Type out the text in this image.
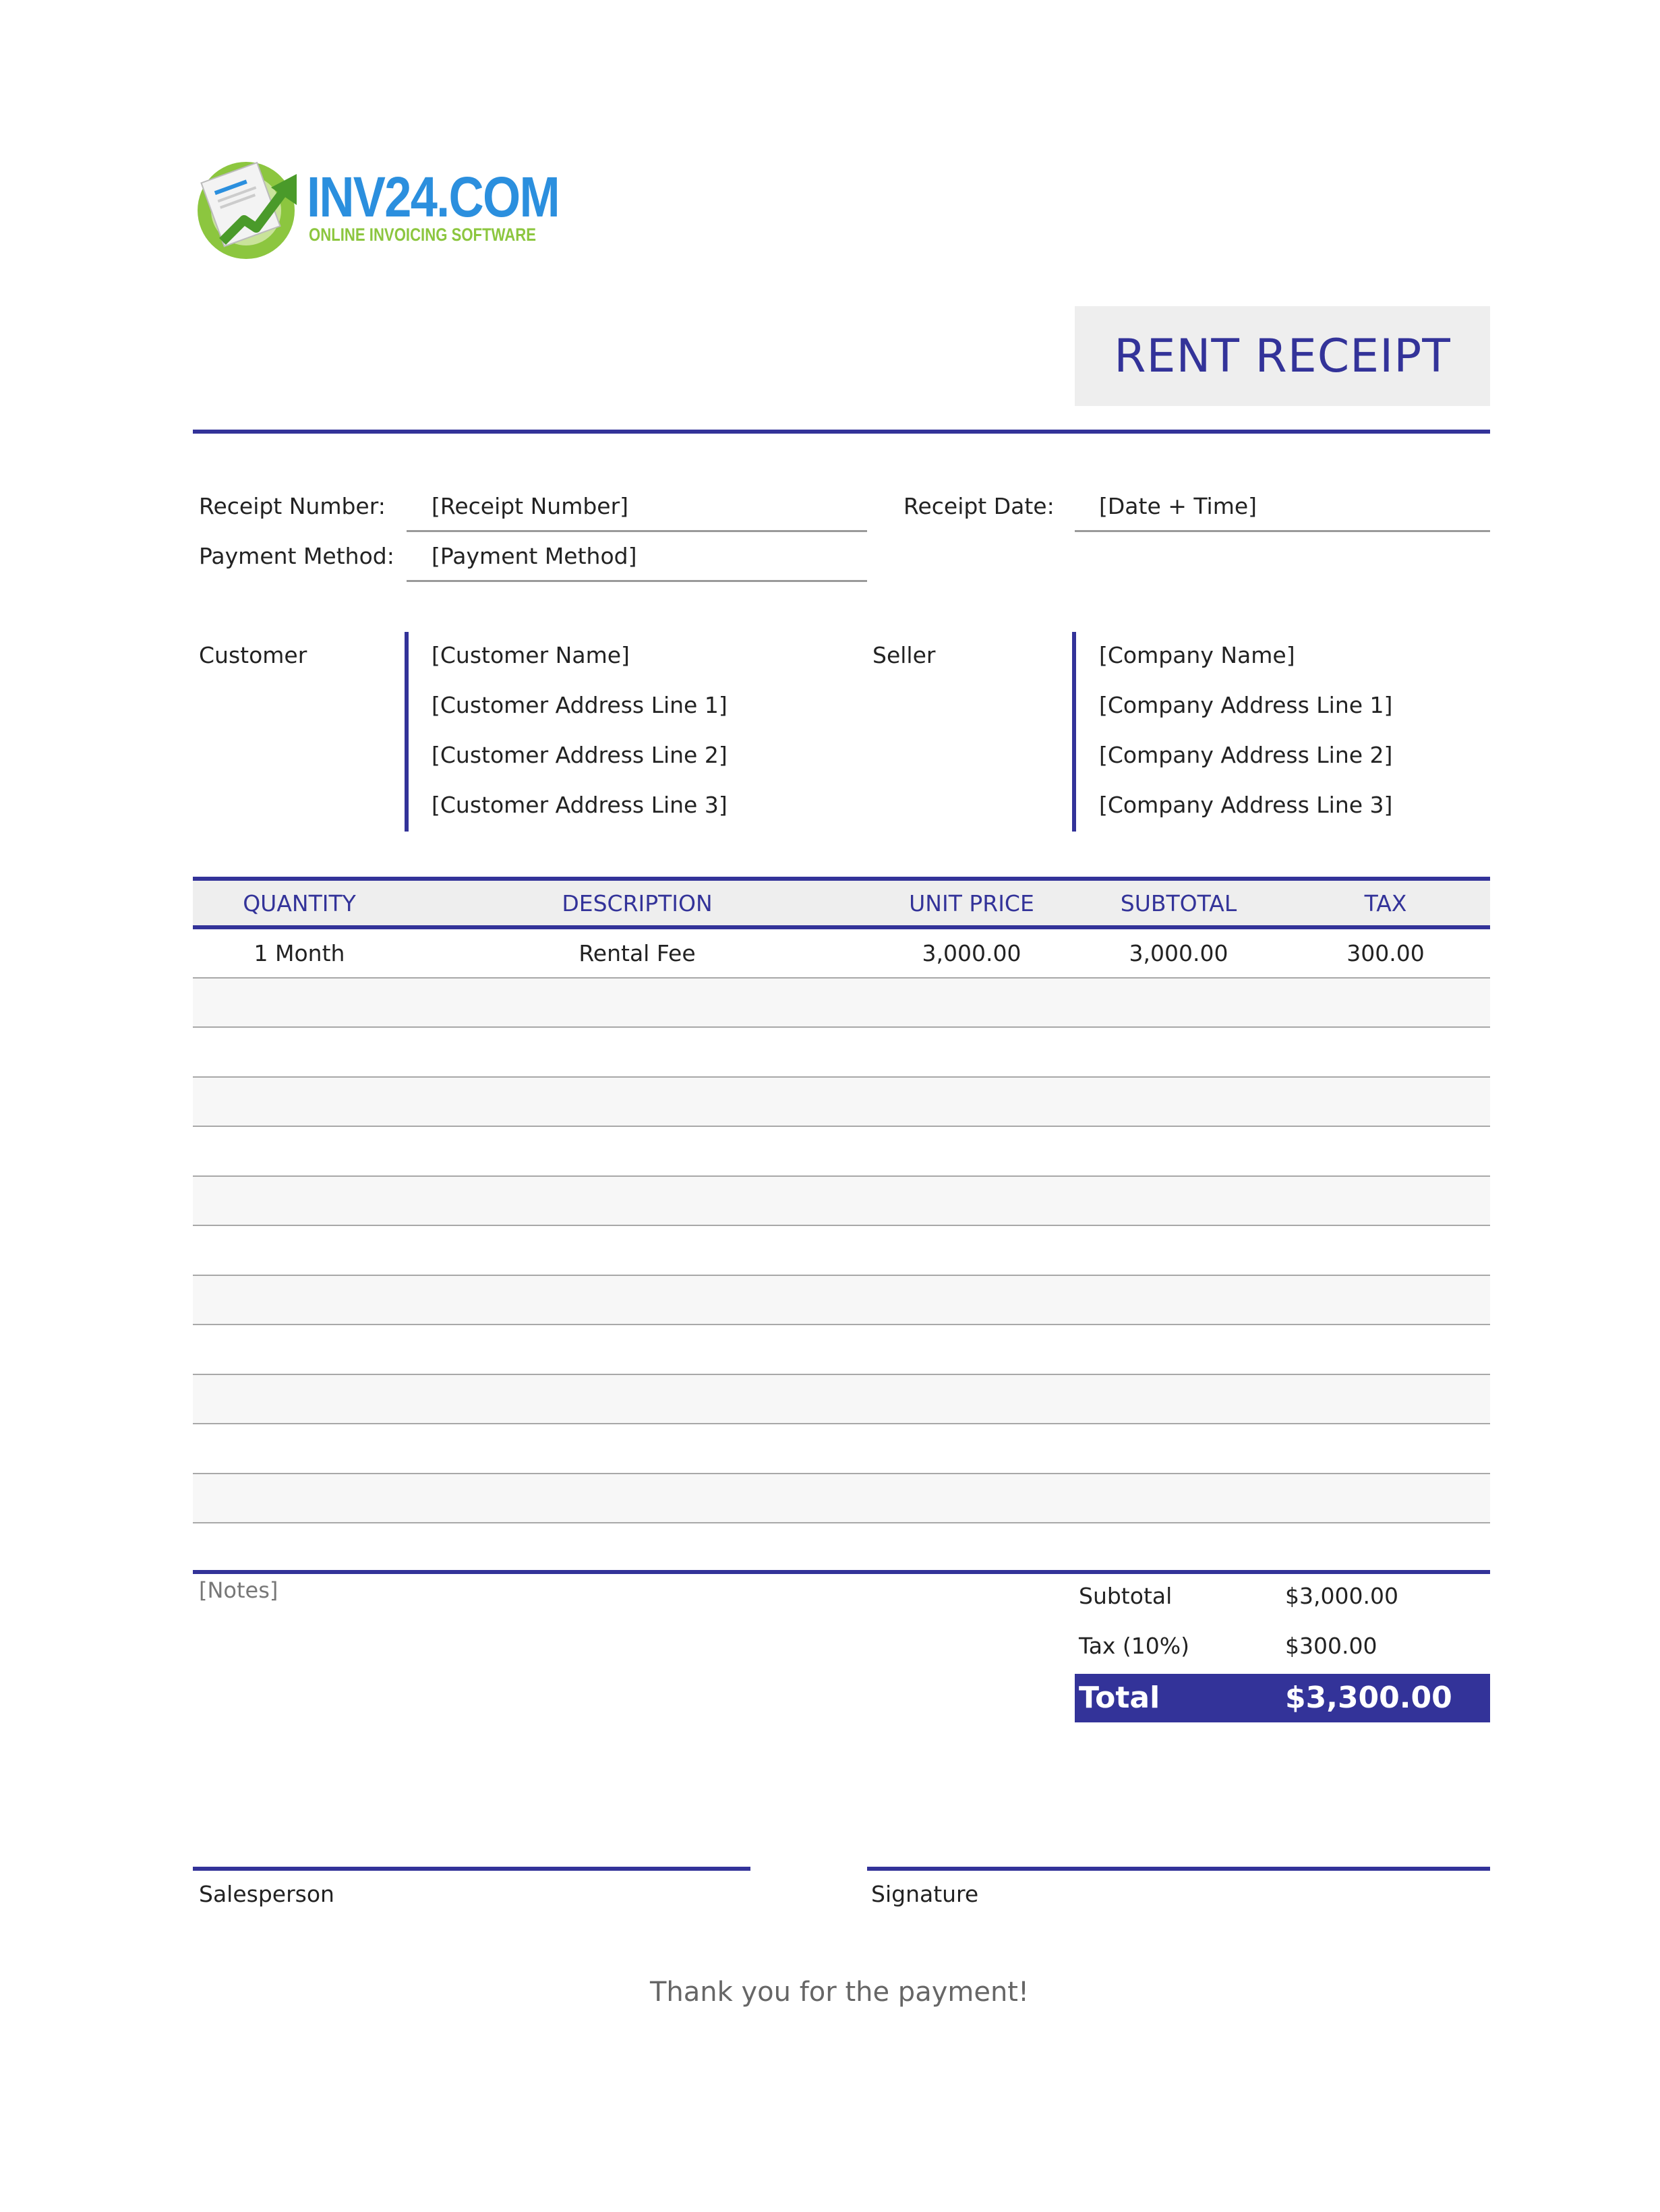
INV24.COM
ONLINE INVOICING SOFTWARE
RENT RECEIPT
Receipt Number: [Receipt Number]	Receipt Date: [Date + Time]
Payment Method: [Payment Method]
Customer	[Customer Name]
[Customer Address Line 1]
[Customer Address Line 2]
[Customer Address Line 3]
Seller	[Company Name]
[Company Address Line 1]
[Company Address Line 2]
[Company Address Line 3]
QUANTITY	DESCRIPTION	UNIT PRICE	SUBTOTAL	TAX
1 Month	Rental Fee	3,000.00	3,000.00	300.00
[Notes]	Subtotal	$3,000.00
Tax (10%)	$300.00
Total	$3,300.00
Salesperson	Signature
Thank you for the payment!
